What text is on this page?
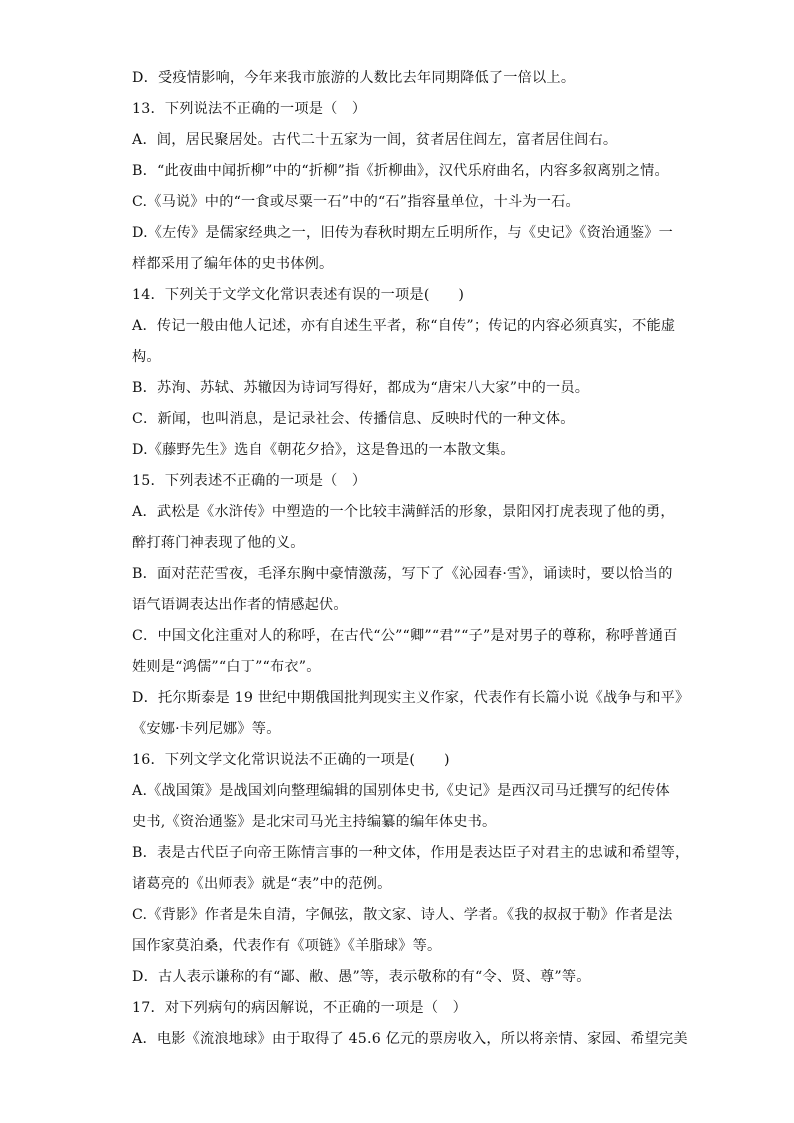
D．受疫情影响，今年来我市旅游的人数比去年同期降低了一倍以上。
13．下列说法不正确的一项是（　）
A．闾，居民聚居处。古代二十五家为一闾，贫者居住闾左，富者居住闾右。
B．“此夜曲中闻折柳”中的“折柳”指《折柳曲》，汉代乐府曲名，内容多叙离别之情。
C.《马说》中的“一食或尽粟一石”中的“石”指容量单位，十斗为一石。
D.《左传》是儒家经典之一，旧传为春秋时期左丘明所作，与《史记》《资治通鉴》一
样都采用了编年体的史书体例。
14．下列关于文学文化常识表述有误的一项是(　　)
A．传记一般由他人记述，亦有自述生平者，称“自传”；传记的内容必须真实，不能虚
构。
B．苏洵、苏轼、苏辙因为诗词写得好，都成为“唐宋八大家”中的一员。
C．新闻，也叫消息，是记录社会、传播信息、反映时代的一种文体。
D.《藤野先生》选自《朝花夕拾》，这是鲁迅的一本散文集。
15．下列表述不正确的一项是（　）
A．武松是《水浒传》中塑造的一个比较丰满鲜活的形象，景阳冈打虎表现了他的勇，
醉打蒋门神表现了他的义。
B．面对茫茫雪夜，毛泽东胸中豪情激荡，写下了《沁园春·雪》，诵读时，要以恰当的
语气语调表达出作者的情感起伏。
C．中国文化注重对人的称呼，在古代“公”“卿”“君”“子”是对男子的尊称，称呼普通百
姓则是“鸿儒”“白丁”“布衣”。
D．托尔斯泰是 19 世纪中期俄国批判现实主义作家，代表作有长篇小说《战争与和平》
《安娜·卡列尼娜》等。
16．下列文学文化常识说法不正确的一项是(　　)
A.《战国策》是战国刘向整理编辑的国别体史书,《史记》是西汉司马迁撰写的纪传体
史书,《资治通鉴》是北宋司马光主持编纂的编年体史书。
B．表是古代臣子向帝王陈情言事的一种文体，作用是表达臣子对君主的忠诚和希望等，
诸葛亮的《出师表》就是“表”中的范例。
C.《背影》作者是朱自清，字佩弦，散文家、诗人、学者。《我的叔叔于勒》作者是法
国作家莫泊桑，代表作有《项链》《羊脂球》等。
D．古人表示谦称的有“鄙、敝、愚”等，表示敬称的有“令、贤、尊”等。
17．对下列病句的病因解说，不正确的一项是（　）
A．电影《流浪地球》由于取得了 45.6 亿元的票房收入，所以将亲情、家园、希望完美
